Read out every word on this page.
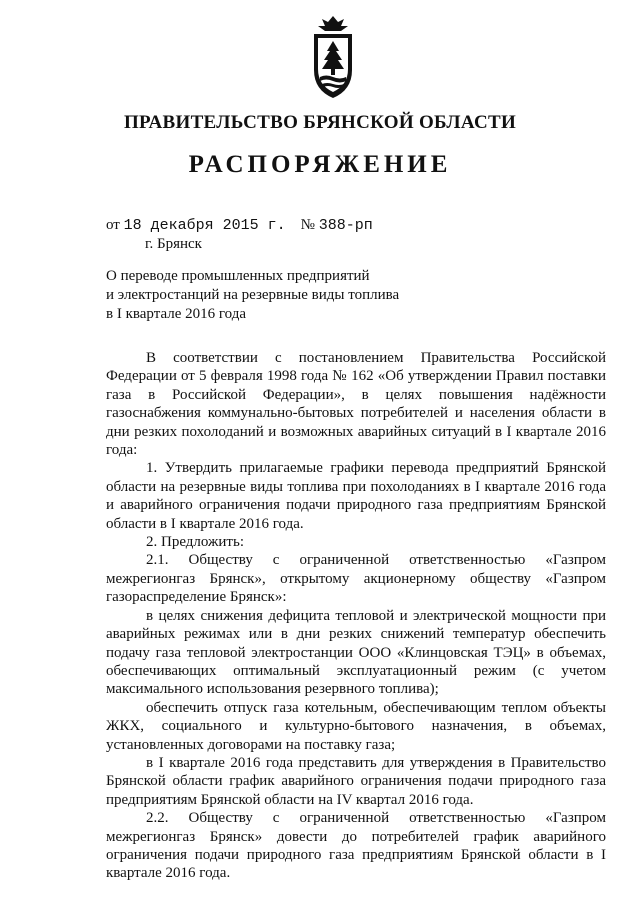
ПРАВИТЕЛЬСТВО БРЯНСКОЙ ОБЛАСТИ
РАСПОРЯЖЕНИЕ
от 18 декабря 2015 г. № 388-рп
г. Брянск
О переводе промышленных предприятий
и электростанций на резервные виды топлива
в I квартале 2016 года

В соответствии с постановлением Правительства Российской Федерации от 5 февраля 1998 года № 162 «Об утверждении Правил поставки газа в Российской Федерации», в целях повышения надёжности газоснабжения коммунально-бытовых потребителей и населения области в дни резких похолоданий и возможных аварийных ситуаций в I квартале 2016 года:

1. Утвердить прилагаемые графики перевода предприятий Брянской области на резервные виды топлива при похолоданиях в I квартале 2016 года и аварийного ограничения подачи природного газа предприятиям Брянской области в I квартале 2016 года.

2. Предложить:

2.1. Обществу с ограниченной ответственностью «Газпром межрегионгаз Брянск», открытому акционерному обществу «Газпром газораспределение Брянск»:

в целях снижения дефицита тепловой и электрической мощности при аварийных режимах или в дни резких снижений температур обеспечить подачу газа тепловой электростанции ООО «Клинцовская ТЭЦ» в объемах, обеспечивающих оптимальный эксплуатационный режим (с учетом максимального использования резервного топлива);

обеспечить отпуск газа котельным, обеспечивающим теплом объекты ЖКХ, социального и культурно-бытового назначения, в объемах, установленных договорами на поставку газа;

в I квартале 2016 года представить для утверждения в Правительство Брянской области график аварийного ограничения подачи природного газа предприятиям Брянской области на IV квартал 2016 года.

2.2. Обществу с ограниченной ответственностью «Газпром межрегионгаз Брянск» довести до потребителей график аварийного ограничения подачи природного газа предприятиям Брянской области в I квартале 2016 года.
